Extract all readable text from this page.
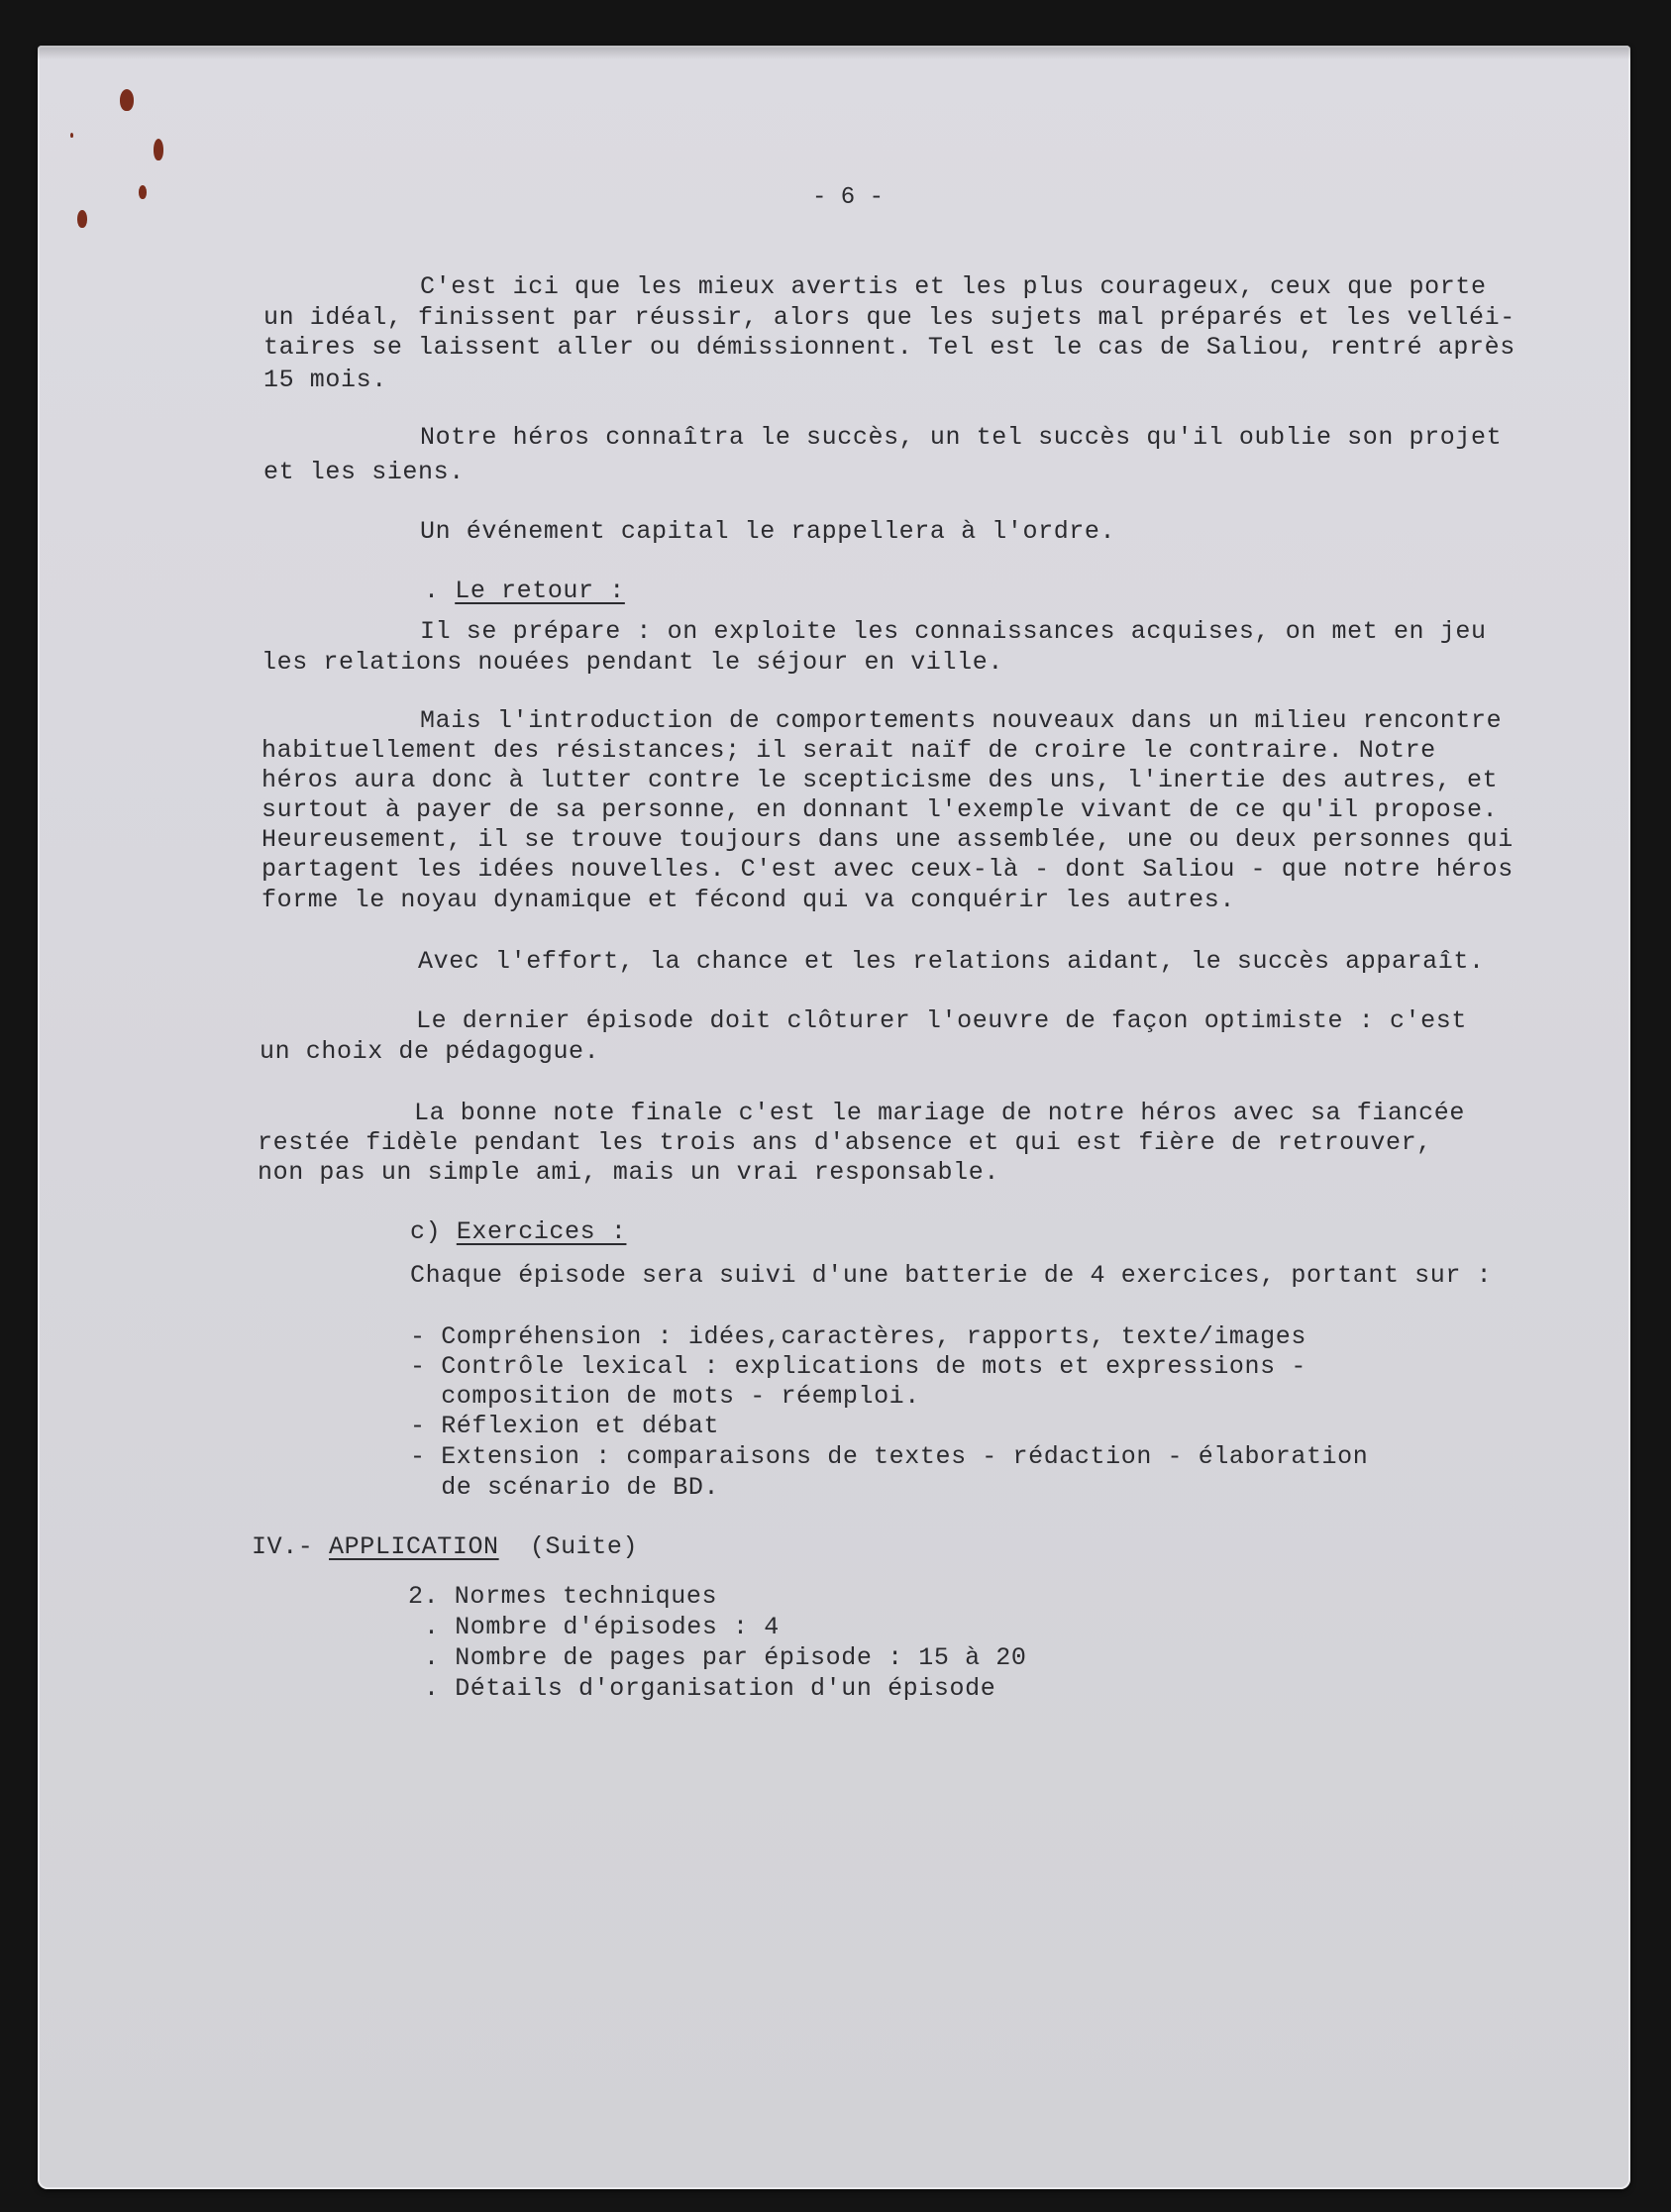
- 6 -
C'est ici que les mieux avertis et les plus courageux, ceux que porte
un idéal, finissent par réussir, alors que les sujets mal préparés et les velléi-
taires se laissent aller ou démissionnent. Tel est le cas de Saliou, rentré après
15 mois.
Notre héros connaîtra le succès, un tel succès qu'il oublie son projet
et les siens.
Un événement capital le rappellera à l'ordre.
. Le retour :
Il se prépare : on exploite les connaissances acquises, on met en jeu
les relations nouées pendant le séjour en ville.
Mais l'introduction de comportements nouveaux dans un milieu rencontre
habituellement des résistances; il serait naïf de croire le contraire. Notre
héros aura donc à lutter contre le scepticisme des uns, l'inertie des autres, et
surtout à payer de sa personne, en donnant l'exemple vivant de ce qu'il propose.
Heureusement, il se trouve toujours dans une assemblée, une ou deux personnes qui
partagent les idées nouvelles. C'est avec ceux-là - dont Saliou - que notre héros
forme le noyau dynamique et fécond qui va conquérir les autres.
Avec l'effort, la chance et les relations aidant, le succès apparaît.
Le dernier épisode doit clôturer l'oeuvre de façon optimiste : c'est
un choix de pédagogue.
La bonne note finale c'est le mariage de notre héros avec sa fiancée
restée fidèle pendant les trois ans d'absence et qui est fière de retrouver,
non pas un simple ami, mais un vrai responsable.
c) Exercices :
Chaque épisode sera suivi d'une batterie de 4 exercices, portant sur :
- Compréhension : idées,caractères, rapports, texte/images
- Contrôle lexical : explications de mots et expressions -
composition de mots - réemploi.
- Réflexion et débat
- Extension : comparaisons de textes - rédaction - élaboration
de scénario de BD.
IV.- APPLICATION  (Suite)
2. Normes techniques
. Nombre d'épisodes : 4
. Nombre de pages par épisode : 15 à 20
. Détails d'organisation d'un épisode
